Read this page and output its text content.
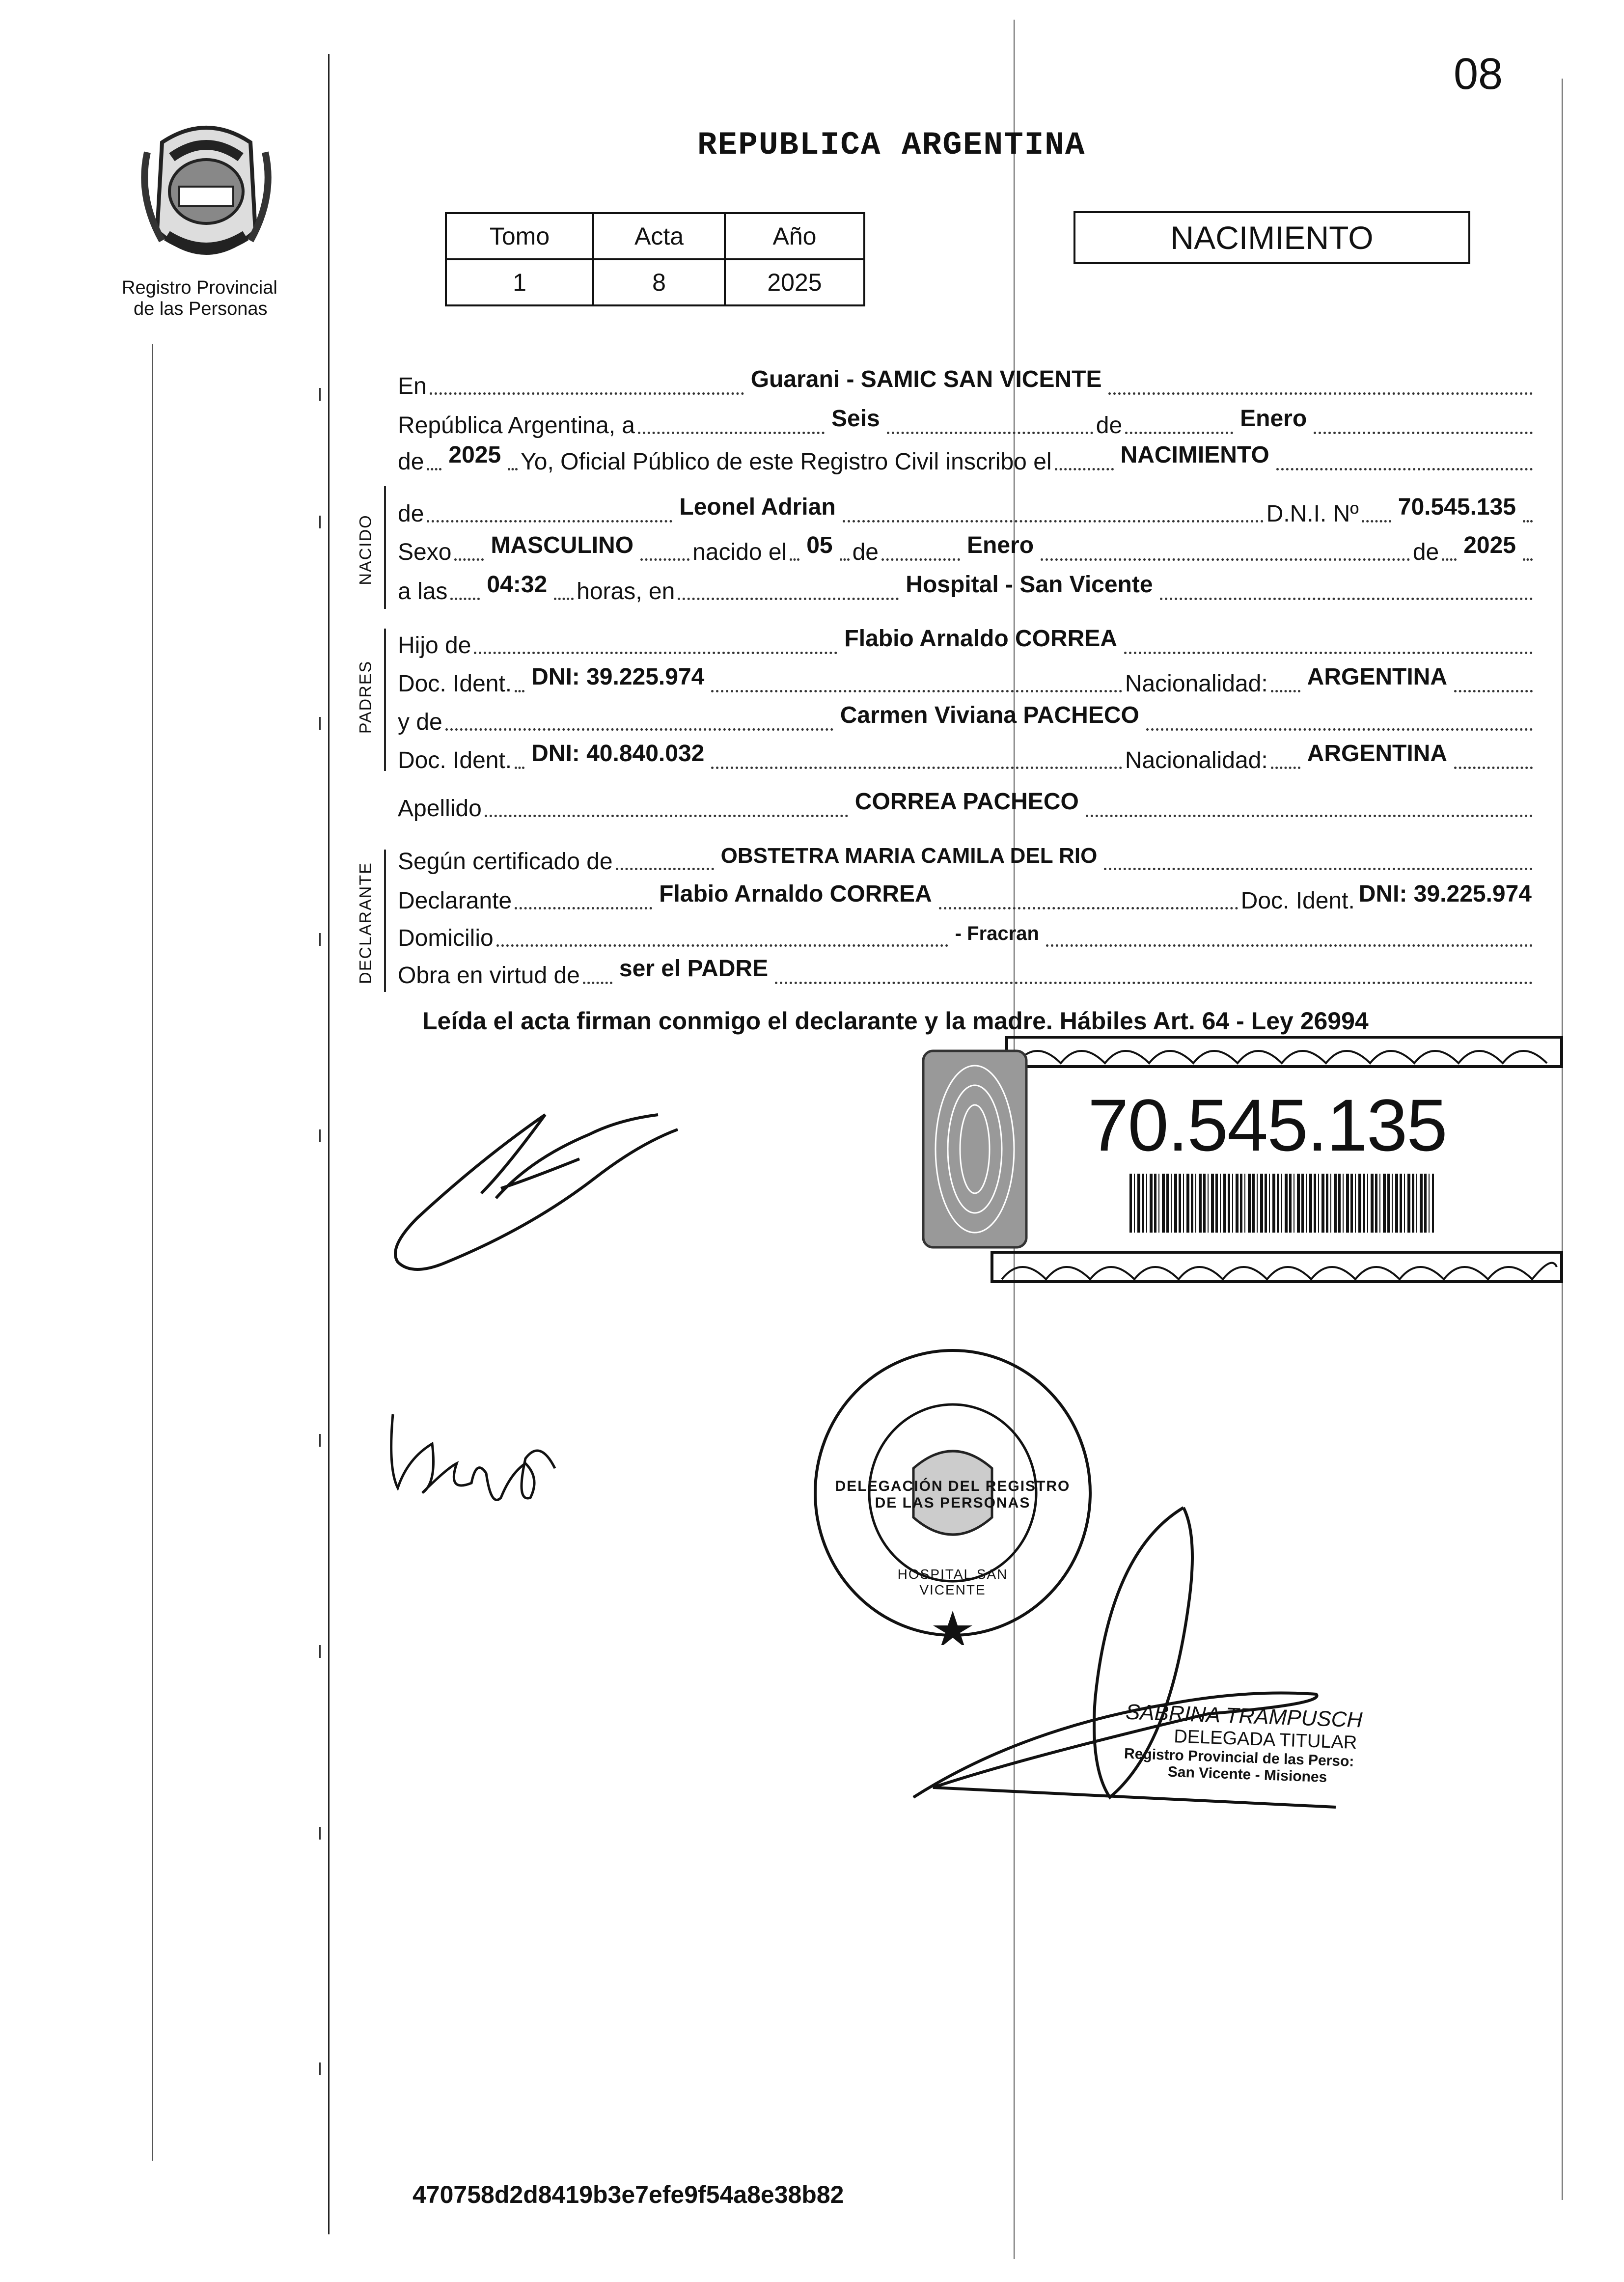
08
Registro Provincial
de las Personas
REPUBLICA ARGENTINA
Tomo	Acta	Año
1	8	2025
NACIMIENTO
En	Guarani - SAMIC SAN VICENTE
República Argentina, a	Seis	de	Enero
de 2025 Yo, Oficial Público de este Registro Civil inscribo el	NACIMIENTO
NACIDO
de	Leonel Adrian	D.N.I. Nº 70.545.135
Sexo MASCULINO	nacido el 05 de	Enero	de 2025
a las 04:32 horas, en	Hospital - San Vicente
PADRES
Hijo de	Flabio Arnaldo CORREA
Doc. Ident. DNI: 39.225.974	Nacionalidad: ARGENTINA
y de	Carmen Viviana PACHECO
Doc. Ident. DNI: 40.840.032	Nacionalidad: ARGENTINA
Apellido	CORREA PACHECO
DECLARANTE
Según certificado de	OBSTETRA MARIA CAMILA DEL RIO
Declarante	Flabio Arnaldo CORREA	Doc. Ident. DNI: 39.225.974
Domicilio	- Fracran
Obra en virtud de ser el PADRE
Leída el acta firman conmigo el declarante y la madre. Hábiles Art. 64 - Ley 26994
70.545.135
DELEGACIÓN DEL REGISTRO DE LAS PERSONAS
HOSPITAL SAN VICENTE
SABRINA TRAMPUSCH
DELEGADA TITULAR
Registro Provincial de las Perso:
San Vicente - Misiones
470758d2d8419b3e7efe9f54a8e38b82
